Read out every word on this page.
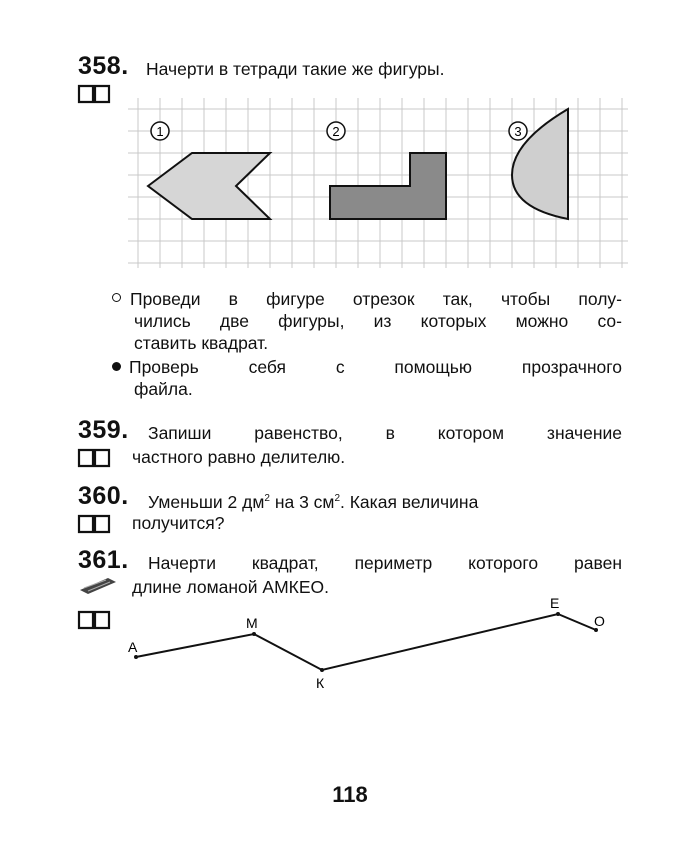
358. Начерти в тетради такие же фигуры.
1	2	3
Проведи в фигуре отрезок так, чтобы полу-
чились две фигуры, из которых можно со-
ставить квадрат.
Проверь себя с помощью прозрачного
файла.
359. Запиши равенство, в котором значение
частного равно делителю.
360. Уменьши 2 $дм^2$ на 3 $см^2$. Какая величина
получится?
361. Начерти квадрат, периметр которого равен
длине ломаной АМКЕО.
А
М
К
Е
О
118
